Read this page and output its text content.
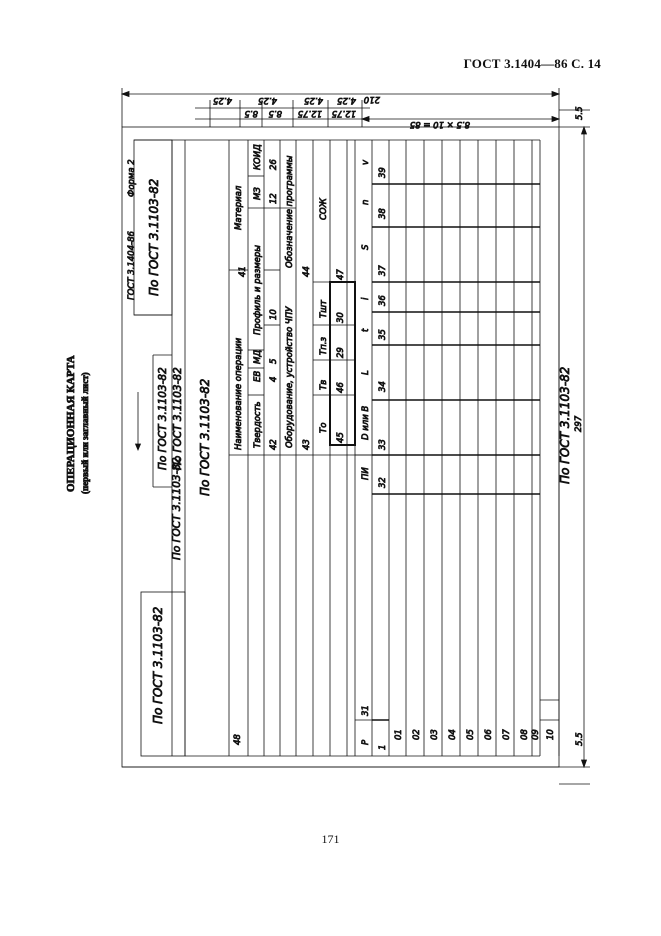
ГОСТ 3.1404—86 С. 14
171
ОПЕРАЦИОННАЯ КАРТА (первый или заглавный лист)
210
4.25	4.25	4.25 4.25
8.5 8.5 12.75 12.75
8.5 × 10 = 85
297
5.5
5.5
По ГОСТ 3.1103-82
По ГОСТ 3.1103-82
По ГОСТ 3.1103-82 По ГОСТ 3.1103-82
По ГОСТ 3.1103-82
ГОСТ 3.1404-86
Форма 2
По ГОСТ 3.1103-82
48
Наименование операции
Материал
41
Твердость
ЕВ
МД
Профиль и размеры
МЗ
КОИД
42
4
5
10
12
26
Оборудование, устройство ЧПУ
Обозначение программы
43
44
То
Тв
Тп.з
Тшт
СОЖ
45
46
29
30
47
Р
31
ПИ
D или В
L
t
i
S
n
v
1
32
33
34
35
36
37
38
39
01 02 03 04 05 06 07 08 09 10
По ГОСТ 3.1103-82
